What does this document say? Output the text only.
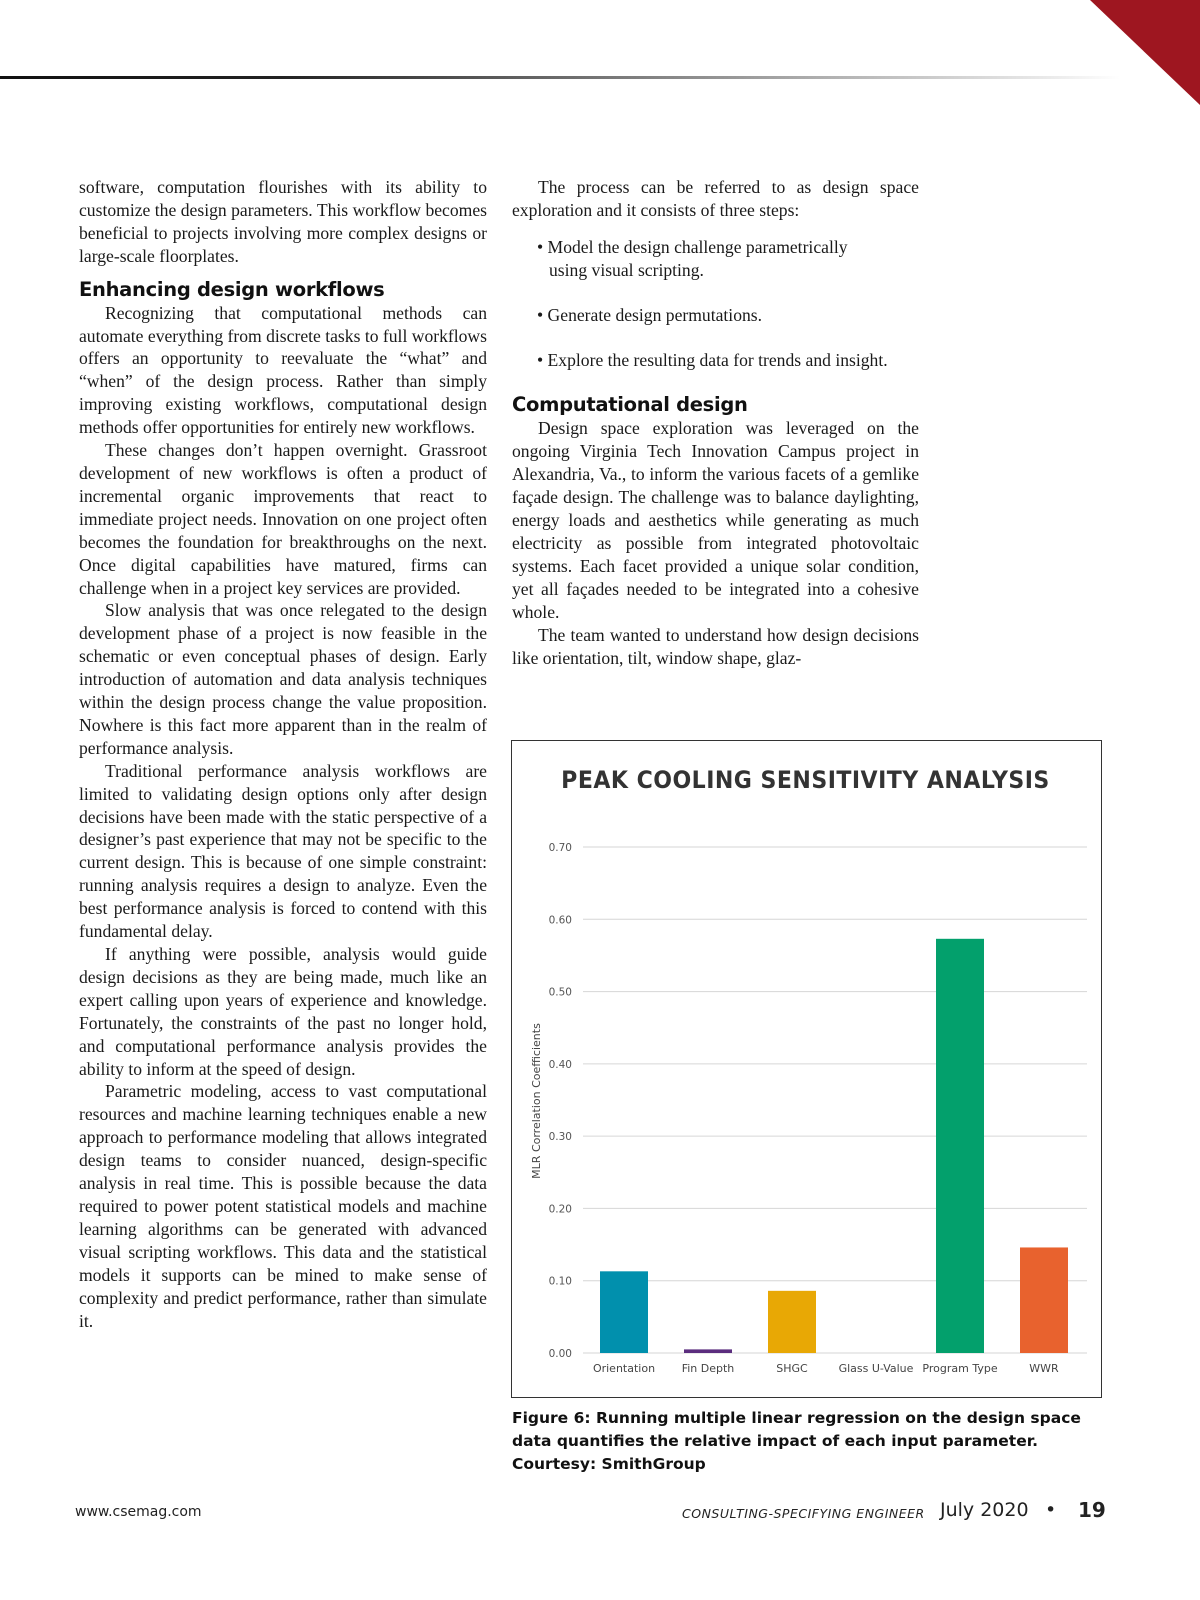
software, computation flourishes with its ability to customize the design parameters. This workflow becomes beneficial to projects involving more complex designs or large-scale floorplates.

Enhancing design workflows

Recognizing that computational methods can automate everything from discrete tasks to full workflows offers an opportunity to reevaluate the “what” and “when” of the design process. Rather than simply improving existing workflows, computational design methods offer opportunities for entirely new workflows.

These changes don’t happen overnight. Grassroot development of new workflows is often a product of incremental organic improvements that react to immediate project needs. Innovation on one project often becomes the foundation for breakthroughs on the next. Once digital capabilities have matured, firms can challenge when in a project key services are provided.

Slow analysis that was once relegated to the design development phase of a project is now feasible in the schematic or even conceptual phases of design. Early introduction of automation and data analysis techniques within the design process change the value proposition. Nowhere is this fact more apparent than in the realm of performance analysis.

Traditional performance analysis workflows are limited to validating design options only after design decisions have been made with the static perspective of a designer’s past experience that may not be specific to the current design. This is because of one simple constraint: running analysis requires a design to analyze. Even the best performance analysis is forced to contend with this fundamental delay.

If anything were possible, analysis would guide design decisions as they are being made, much like an expert calling upon years of experience and knowledge. Fortunately, the constraints of the past no longer hold, and computational performance analysis provides the ability to inform at the speed of design.

Parametric modeling, access to vast computational resources and machine learning techniques enable a new approach to performance modeling that allows integrated design teams to consider nuanced, design-specific analysis in real time. This is possible because the data required to power potent statistical models and machine learning algorithms can be generated with advanced visual scripting workflows. This data and the statistical models it supports can be mined to make sense of complexity and predict performance, rather than simulate it.

The process can be referred to as design space exploration and it consists of three steps:

• Model the design challenge parametrically using visual scripting.
• Generate design permutations.
• Explore the resulting data for trends and insight.
Computational design

Design space exploration was leveraged on the ongoing Virginia Tech Innovation Campus project in Alexandria, Va., to inform the various facets of a gemlike façade design. The challenge was to balance daylighting, energy loads and aesthetics while generating as much electricity as possible from integrated photovoltaic systems. Each facet provided a unique solar condition, yet all façades needed to be integrated into a cohesive whole.

The team wanted to understand how design decisions like orientation, tilt, window shape, glaz-

PEAK COOLING SENSITIVITY ANALYSIS
MLR Correlation Coefficients
0.00
0.10
0.20
0.30
0.40
0.50
0.60
0.70
Orientation Fin Depth	SHGC	Glass U-Value Program Type	WWR
Figure 6: Running multiple linear regression on the design space data quantifies the relative impact of each input parameter. Courtesy: SmithGroup
www.csemag.com	CONSULTING-SPECIFYING ENGINEER July 2020 • 19
